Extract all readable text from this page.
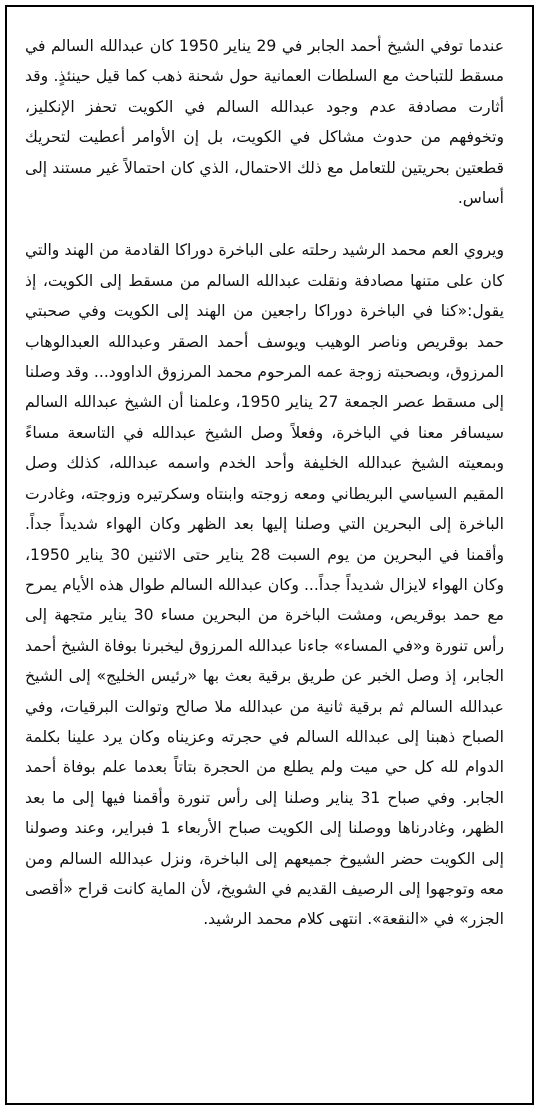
عندما توفي الشيخ أحمد الجابر في 29 يناير 1950 كان عبدالله السالم في مسقط للتباحث مع السلطات العمانية حول شحنة ذهب كما قيل حينئذٍ. وقد أثارت مصادفة عدم وجود عبدالله السالم في الكويت تحفز الإنكليز، وتخوفهم من حدوث مشاكل في الكويت، بل إن الأوامر أعطيت لتحريك قطعتين بحريتين للتعامل مع ذلك الاحتمال، الذي كان احتمالاً غير مستند إلى أساس.

ويروي العم محمد الرشيد رحلته على الباخرة دوراكا القادمة من الهند والتي كان على متنها مصادفة ونقلت عبدالله السالم من مسقط إلى الكويت، إذ يقول:«كنا في الباخرة دوراكا راجعين من الهند إلى الكويت وفي صحبتي حمد بوقريص وناصر الوهيب ويوسف أحمد الصقر وعبدالله العبدالوهاب المرزوق، وبصحبته زوجة عمه المرحوم محمد المرزوق الداوود... وقد وصلنا إلى مسقط عصر الجمعة 27 يناير 1950، وعلمنا أن الشيخ عبدالله السالم سيسافر معنا في الباخرة، وفعلاً وصل الشيخ عبدالله في التاسعة مساءً وبمعيته الشيخ عبدالله الخليفة وأحد الخدم واسمه عبدالله، كذلك وصل المقيم السياسي البريطاني ومعه زوجته وابنتاه وسكرتيره وزوجته، وغادرت الباخرة إلى البحرين التي وصلنا إليها بعد الظهر وكان الهواء شديداً جداً. وأقمنا في البحرين من يوم السبت 28 يناير حتى الاثنين 30 يناير 1950، وكان الهواء لايزال شديداً جداً... وكان عبدالله السالم طوال هذه الأيام يمرح مع حمد بوقريص، ومشت الباخرة من البحرين مساء 30 يناير متجهة إلى رأس تنورة و«في المساء» جاءنا عبدالله المرزوق ليخبرنا بوفاة الشيخ أحمد الجابر، إذ وصل الخبر عن طريق برقية بعث بها «رئيس الخليج» إلى الشيخ عبدالله السالم ثم برقية ثانية من عبدالله ملا صالح وتوالت البرقيات، وفي الصباح ذهبنا إلى عبدالله السالم في حجرته وعزيناه وكان يرد علينا بكلمة الدوام لله كل حي ميت ولم يطلع من الحجرة بتاتاً بعدما علم بوفاة أحمد الجابر. وفي صباح 31 يناير وصلنا إلى رأس تنورة وأقمنا فيها إلى ما بعد الظهر، وغادرناها ووصلنا إلى الكويت صباح الأربعاء 1 فبراير، وعند وصولنا إلى الكويت حضر الشيوخ جميعهم إلى الباخرة، ونزل عبدالله السالم ومن معه وتوجهوا إلى الرصيف القديم في الشويخ، لأن الماية كانت قراح «أقصى الجزر» في «النقعة». انتهى كلام محمد الرشيد.
